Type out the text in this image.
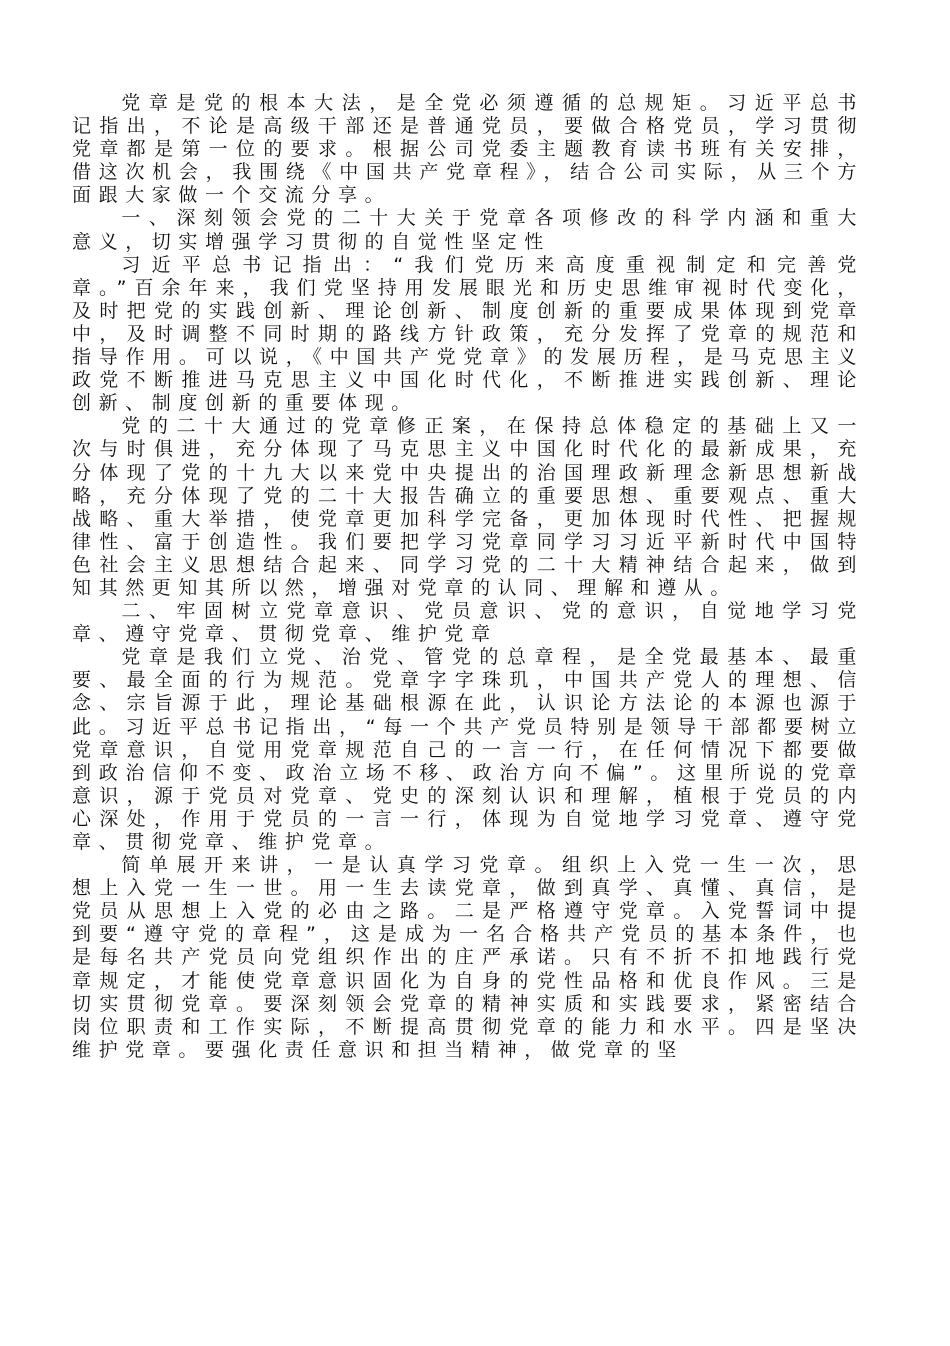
党章是党的根本大法，是全党必须遵循的总规矩。习近平总书记指出，不论是高级干部还是普通党员，要做合格党员，学习贯彻党章都是第一位的要求。根据公司党委主题教育读书班有关安排，借这次机会，我围绕《中国共产党章程》，结合公司实际，从三个方面跟大家做一个交流分享。

一、深刻领会党的二十大关于党章各项修改的科学内涵和重大意义，切实增强学习贯彻的自觉性坚定性

习近平总书记指出：“我们党历来高度重视制定和完善党章。”百余年来，我们党坚持用发展眼光和历史思维审视时代变化，及时把党的实践创新、理论创新、制度创新的重要成果体现到党章中，及时调整不同时期的路线方针政策，充分发挥了党章的规范和指导作用。可以说，《中国共产党党章》的发展历程，是马克思主义政党不断推进马克思主义中国化时代化，不断推进实践创新、理论创新、制度创新的重要体现。

党的二十大通过的党章修正案，在保持总体稳定的基础上又一次与时俱进，充分体现了马克思主义中国化时代化的最新成果，充分体现了党的十九大以来党中央提出的治国理政新理念新思想新战略，充分体现了党的二十大报告确立的重要思想、重要观点、重大战略、重大举措，使党章更加科学完备，更加体现时代性、把握规律性、富于创造性。我们要把学习党章同学习习近平新时代中国特色社会主义思想结合起来、同学习党的二十大精神结合起来，做到知其然更知其所以然，增强对党章的认同、理解和遵从。

二、牢固树立党章意识、党员意识、党的意识，自觉地学习党章、遵守党章、贯彻党章、维护党章

党章是我们立党、治党、管党的总章程，是全党最基本、最重要、最全面的行为规范。党章字字珠玑，中国共产党人的理想、信念、宗旨源于此，理论基础根源在此，认识论方法论的本源也源于此。习近平总书记指出，“每一个共产党员特别是领导干部都要树立党章意识，自觉用党章规范自己的一言一行，在任何情况下都要做到政治信仰不变、政治立场不移、政治方向不偏”。这里所说的党章意识，源于党员对党章、党史的深刻认识和理解，植根于党员的内心深处，作用于党员的一言一行，体现为自觉地学习党章、遵守党章、贯彻党章、维护党章。

简单展开来讲，一是认真学习党章。组织上入党一生一次，思想上入党一生一世。用一生去读党章，做到真学、真懂、真信，是党员从思想上入党的必由之路。二是严格遵守党章。入党誓词中提到要“遵守党的章程”，这是成为一名合格共产党员的基本条件，也是每名共产党员向党组织作出的庄严承诺。只有不折不扣地践行党章规定，才能使党章意识固化为自身的党性品格和优良作风。三是切实贯彻党章。要深刻领会党章的精神实质和实践要求，紧密结合岗位职责和工作实际，不断提高贯彻党章的能力和水平。四是坚决维护党章。要强化责任意识和担当精神，做党章的坚
